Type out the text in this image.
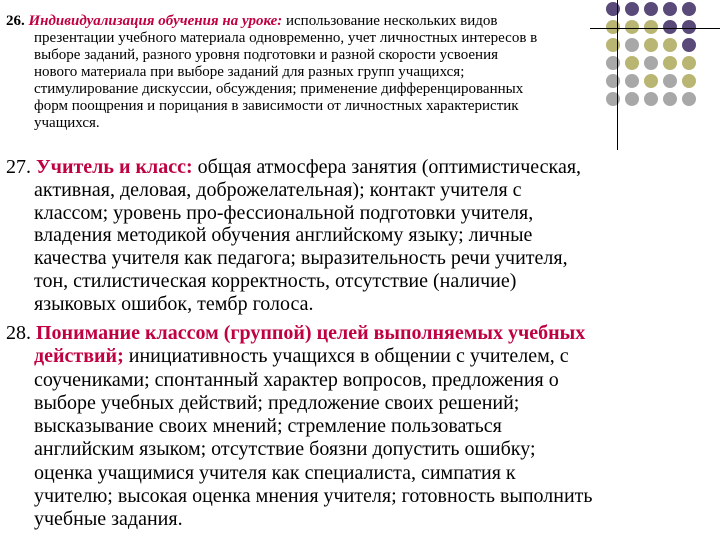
26. Индивидуализация обучения на уроке: использование нескольких видов
презентации учебного материала одновременно, учет личностных интересов в
выборе заданий, разного уровня подготовки и разной скорости усвоения
нового материала при выборе заданий для разных групп учащихся;
стимулирование дискуссии, обсуждения; применение дифференцированных
форм поощрения и порицания в зависимости от личностных характеристик
учащихся.
27. Учитель и класс: общая атмосфера занятия (оптимистическая,
активная, деловая, доброжелательная); контакт учителя с
классом; уровень про-фессиональной подготовки учителя,
владения методикой обучения английскому языку; личные
качества учителя как педагога; выразительность речи учителя,
тон, стилистическая корректность, отсутствие (наличие)
языковых ошибок, тембр голоса.
28. Понимание классом (группой) целей выполняемых учебных
действий; инициативность учащихся в общении с учителем, с
соучениками; спонтанный характер вопросов, предложения о
выборе учебных действий; предложение своих решений;
высказывание своих мнений; стремление пользоваться
английским языком; отсутствие боязни допустить ошибку;
оценка учащимися учителя как специалиста, симпатия к
учителю; высокая оценка мнения учителя; готовность выполнить
учебные задания.
